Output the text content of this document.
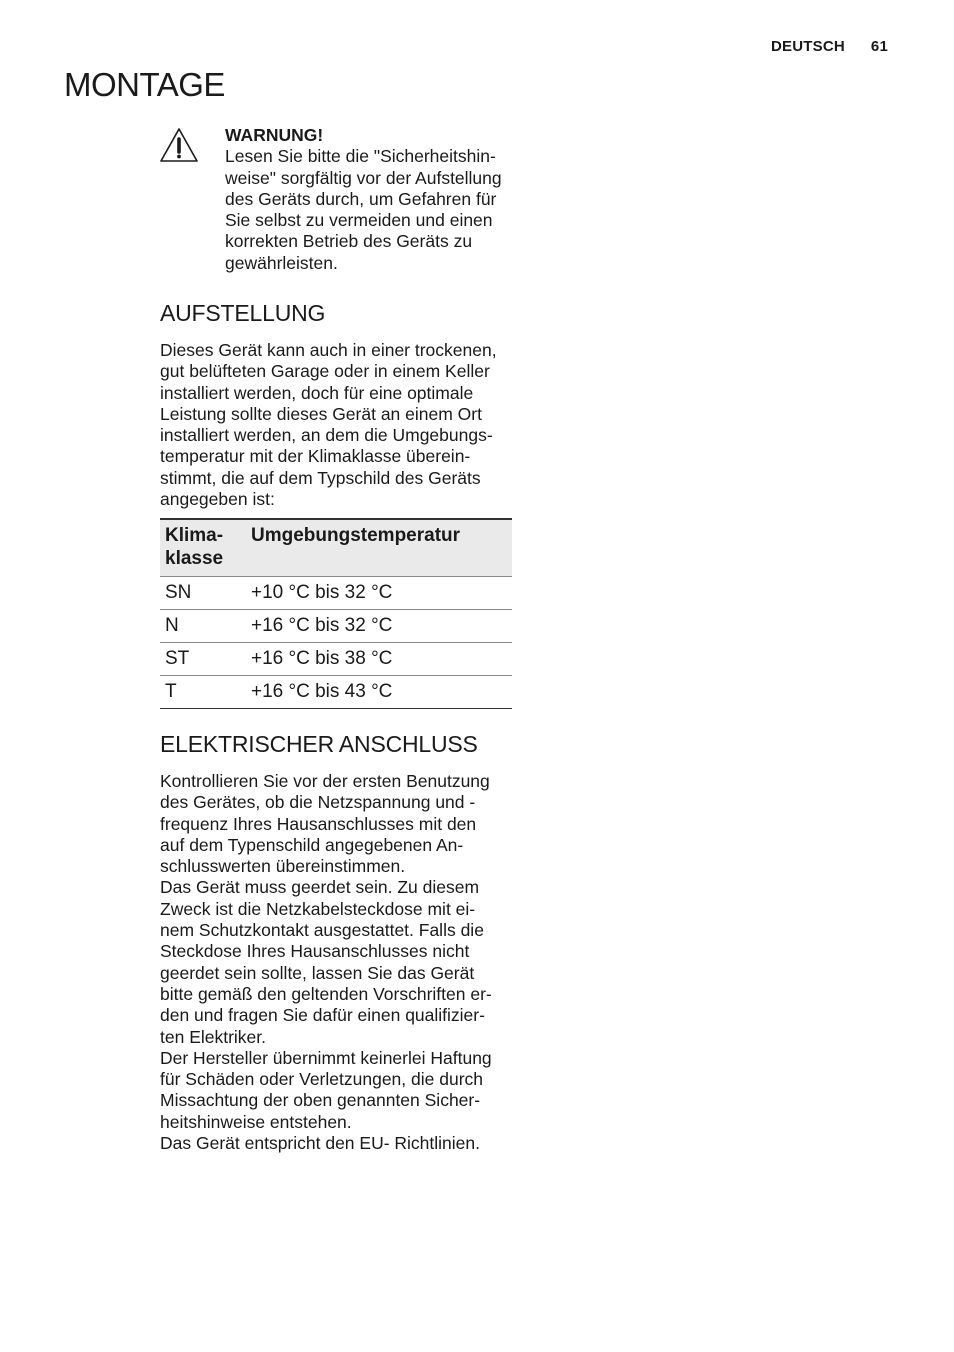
DEUTSCH 61
MONTAGE
WARNUNG!

Lesen Sie bitte die "Sicherheitshin-
weise" sorgfältig vor der Aufstellung
des Geräts durch, um Gefahren für
Sie selbst zu vermeiden und einen
korrekten Betrieb des Geräts zu
gewährleisten.

AUFSTELLUNG

Dieses Gerät kann auch in einer trockenen,
gut belüfteten Garage oder in einem Keller
installiert werden, doch für eine optimale
Leistung sollte dieses Gerät an einem Ort
installiert werden, an dem die Umgebungs-
temperatur mit der Klimaklasse überein-
stimmt, die auf dem Typschild des Geräts
angegeben ist:

Klima-
klasse	Umgebungstemperatur
SN	+10 °C bis 32 °C
N	+16 °C bis 32 °C
ST	+16 °C bis 38 °C
T	+16 °C bis 43 °C
ELEKTRISCHER ANSCHLUSS

Kontrollieren Sie vor der ersten Benutzung
des Gerätes, ob die Netzspannung und -
frequenz Ihres Hausanschlusses mit den
auf dem Typenschild angegebenen An-
schlusswerten übereinstimmen.
Das Gerät muss geerdet sein. Zu diesem
Zweck ist die Netzkabelsteckdose mit ei-
nem Schutzkontakt ausgestattet. Falls die
Steckdose Ihres Hausanschlusses nicht
geerdet sein sollte, lassen Sie das Gerät
bitte gemäß den geltenden Vorschriften er-
den und fragen Sie dafür einen qualifizier-
ten Elektriker.
Der Hersteller übernimmt keinerlei Haftung
für Schäden oder Verletzungen, die durch
Missachtung der oben genannten Sicher-
heitshinweise entstehen.
Das Gerät entspricht den EU- Richtlinien.
